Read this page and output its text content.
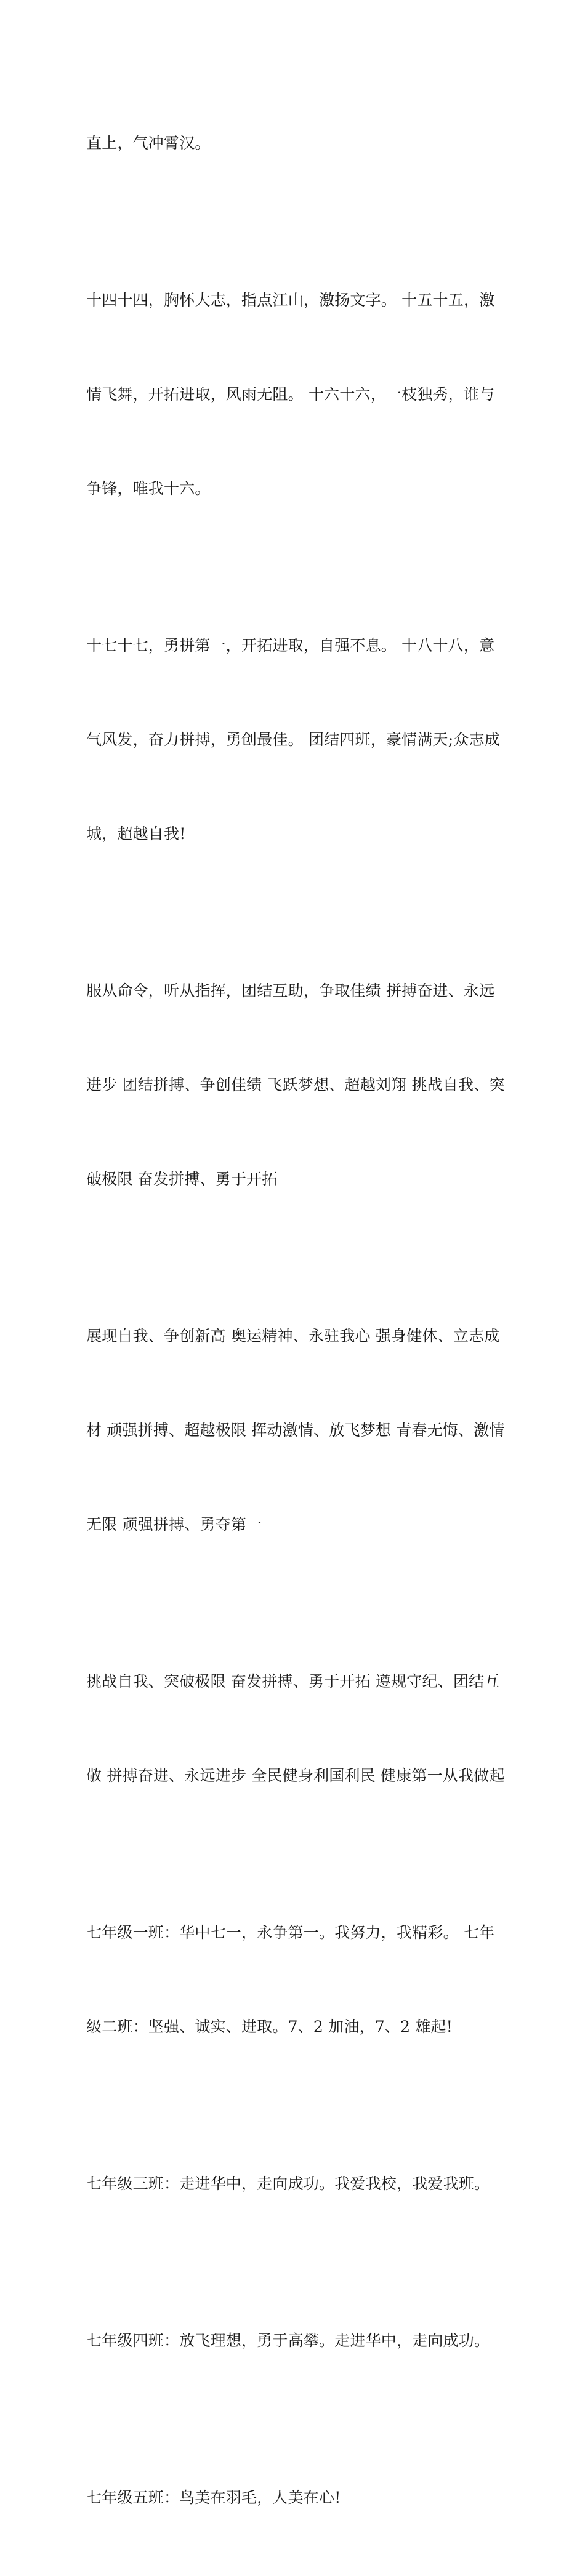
直上，气冲霄汉。

十四十四，胸怀大志，指点江山，激扬文字。 十五十五，激

情飞舞，开拓进取，风雨无阻。 十六十六，一枝独秀，谁与

争锋，唯我十六。

十七十七，勇拼第一，开拓进取，自强不息。 十八十八，意

气风发，奋力拼搏，勇创最佳。 团结四班，豪情满天;众志成

城，超越自我!

服从命令，听从指挥，团结互助，争取佳绩 拼搏奋进、永远

进步 团结拼搏、争创佳绩 飞跃梦想、超越刘翔 挑战自我、突

破极限 奋发拼搏、勇于开拓

展现自我、争创新高 奥运精神、永驻我心 强身健体、立志成

材 顽强拼搏、超越极限 挥动激情、放飞梦想 青春无悔、激情

无限 顽强拼搏、勇夺第一

挑战自我、突破极限 奋发拼搏、勇于开拓 遵规守纪、团结互

敬 拼搏奋进、永远进步 全民健身利国利民 健康第一从我做起

七年级一班：华中七一，永争第一。我努力，我精彩。 七年

级二班：坚强、诚实、进取。7、2 加油，7、2 雄起!

七年级三班：走进华中，走向成功。我爱我校，我爱我班。

七年级四班：放飞理想，勇于高攀。走进华中，走向成功。

七年级五班：鸟美在羽毛，人美在心!
